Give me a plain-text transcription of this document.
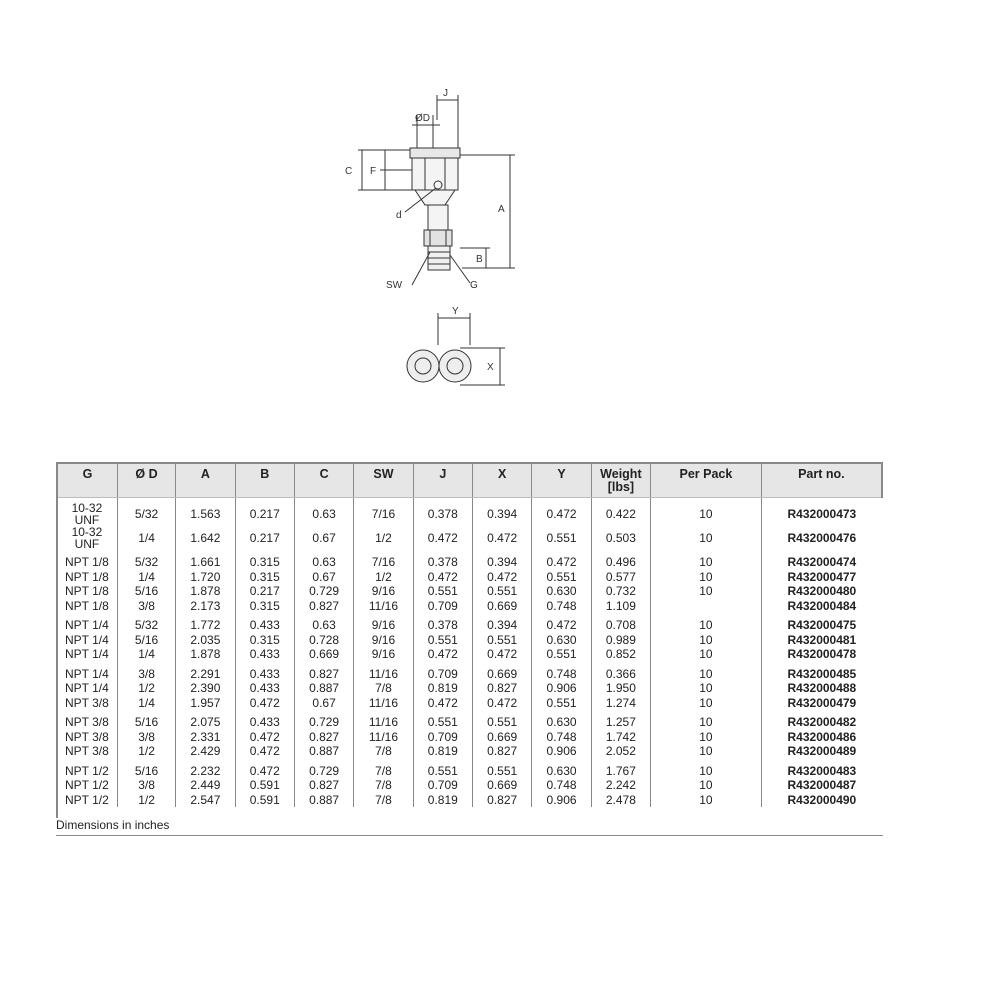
J
ØD
C F
A
d
B
SW	G
Y
X
G	Ø D	A	B	C	SW	J	X	Y	Weight [lbs]	Per Pack	Part no.
10-32 UNF	5/32	1.563	0.217	0.63	7/16	0.378	0.394	0.472	0.422	10	R432000473
10-32 UNF	1/4	1.642	0.217	0.67	1/2	0.472	0.472	0.551	0.503	10	R432000476
NPT 1/8	5/32	1.661	0.315	0.63	7/16	0.378	0.394	0.472	0.496	10	R432000474
NPT 1/8	1/4	1.720	0.315	0.67	1/2	0.472	0.472	0.551	0.577	10	R432000477
NPT 1/8	5/16	1.878	0.217	0.729	9/16	0.551	0.551	0.630	0.732	10	R432000480
NPT 1/8	3/8	2.173	0.315	0.827	11/16	0.709	0.669	0.748	1.109		R432000484
NPT 1/4	5/32	1.772	0.433	0.63	9/16	0.378	0.394	0.472	0.708	10	R432000475
NPT 1/4	5/16	2.035	0.315	0.728	9/16	0.551	0.551	0.630	0.989	10	R432000481
NPT 1/4	1/4	1.878	0.433	0.669	9/16	0.472	0.472	0.551	0.852	10	R432000478
NPT 1/4	3/8	2.291	0.433	0.827	11/16	0.709	0.669	0.748	0.366	10	R432000485
NPT 1/4	1/2	2.390	0.433	0.887	7/8	0.819	0.827	0.906	1.950	10	R432000488
NPT 3/8	1/4	1.957	0.472	0.67	11/16	0.472	0.472	0.551	1.274	10	R432000479
NPT 3/8	5/16	2.075	0.433	0.729	11/16	0.551	0.551	0.630	1.257	10	R432000482
NPT 3/8	3/8	2.331	0.472	0.827	11/16	0.709	0.669	0.748	1.742	10	R432000486
NPT 3/8	1/2	2.429	0.472	0.887	7/8	0.819	0.827	0.906	2.052	10	R432000489
NPT 1/2	5/16	2.232	0.472	0.729	7/8	0.551	0.551	0.630	1.767	10	R432000483
NPT 1/2	3/8	2.449	0.591	0.827	7/8	0.709	0.669	0.748	2.242	10	R432000487
NPT 1/2	1/2	2.547	0.591	0.887	7/8	0.819	0.827	0.906	2.478	10	R432000490
Dimensions in inches
